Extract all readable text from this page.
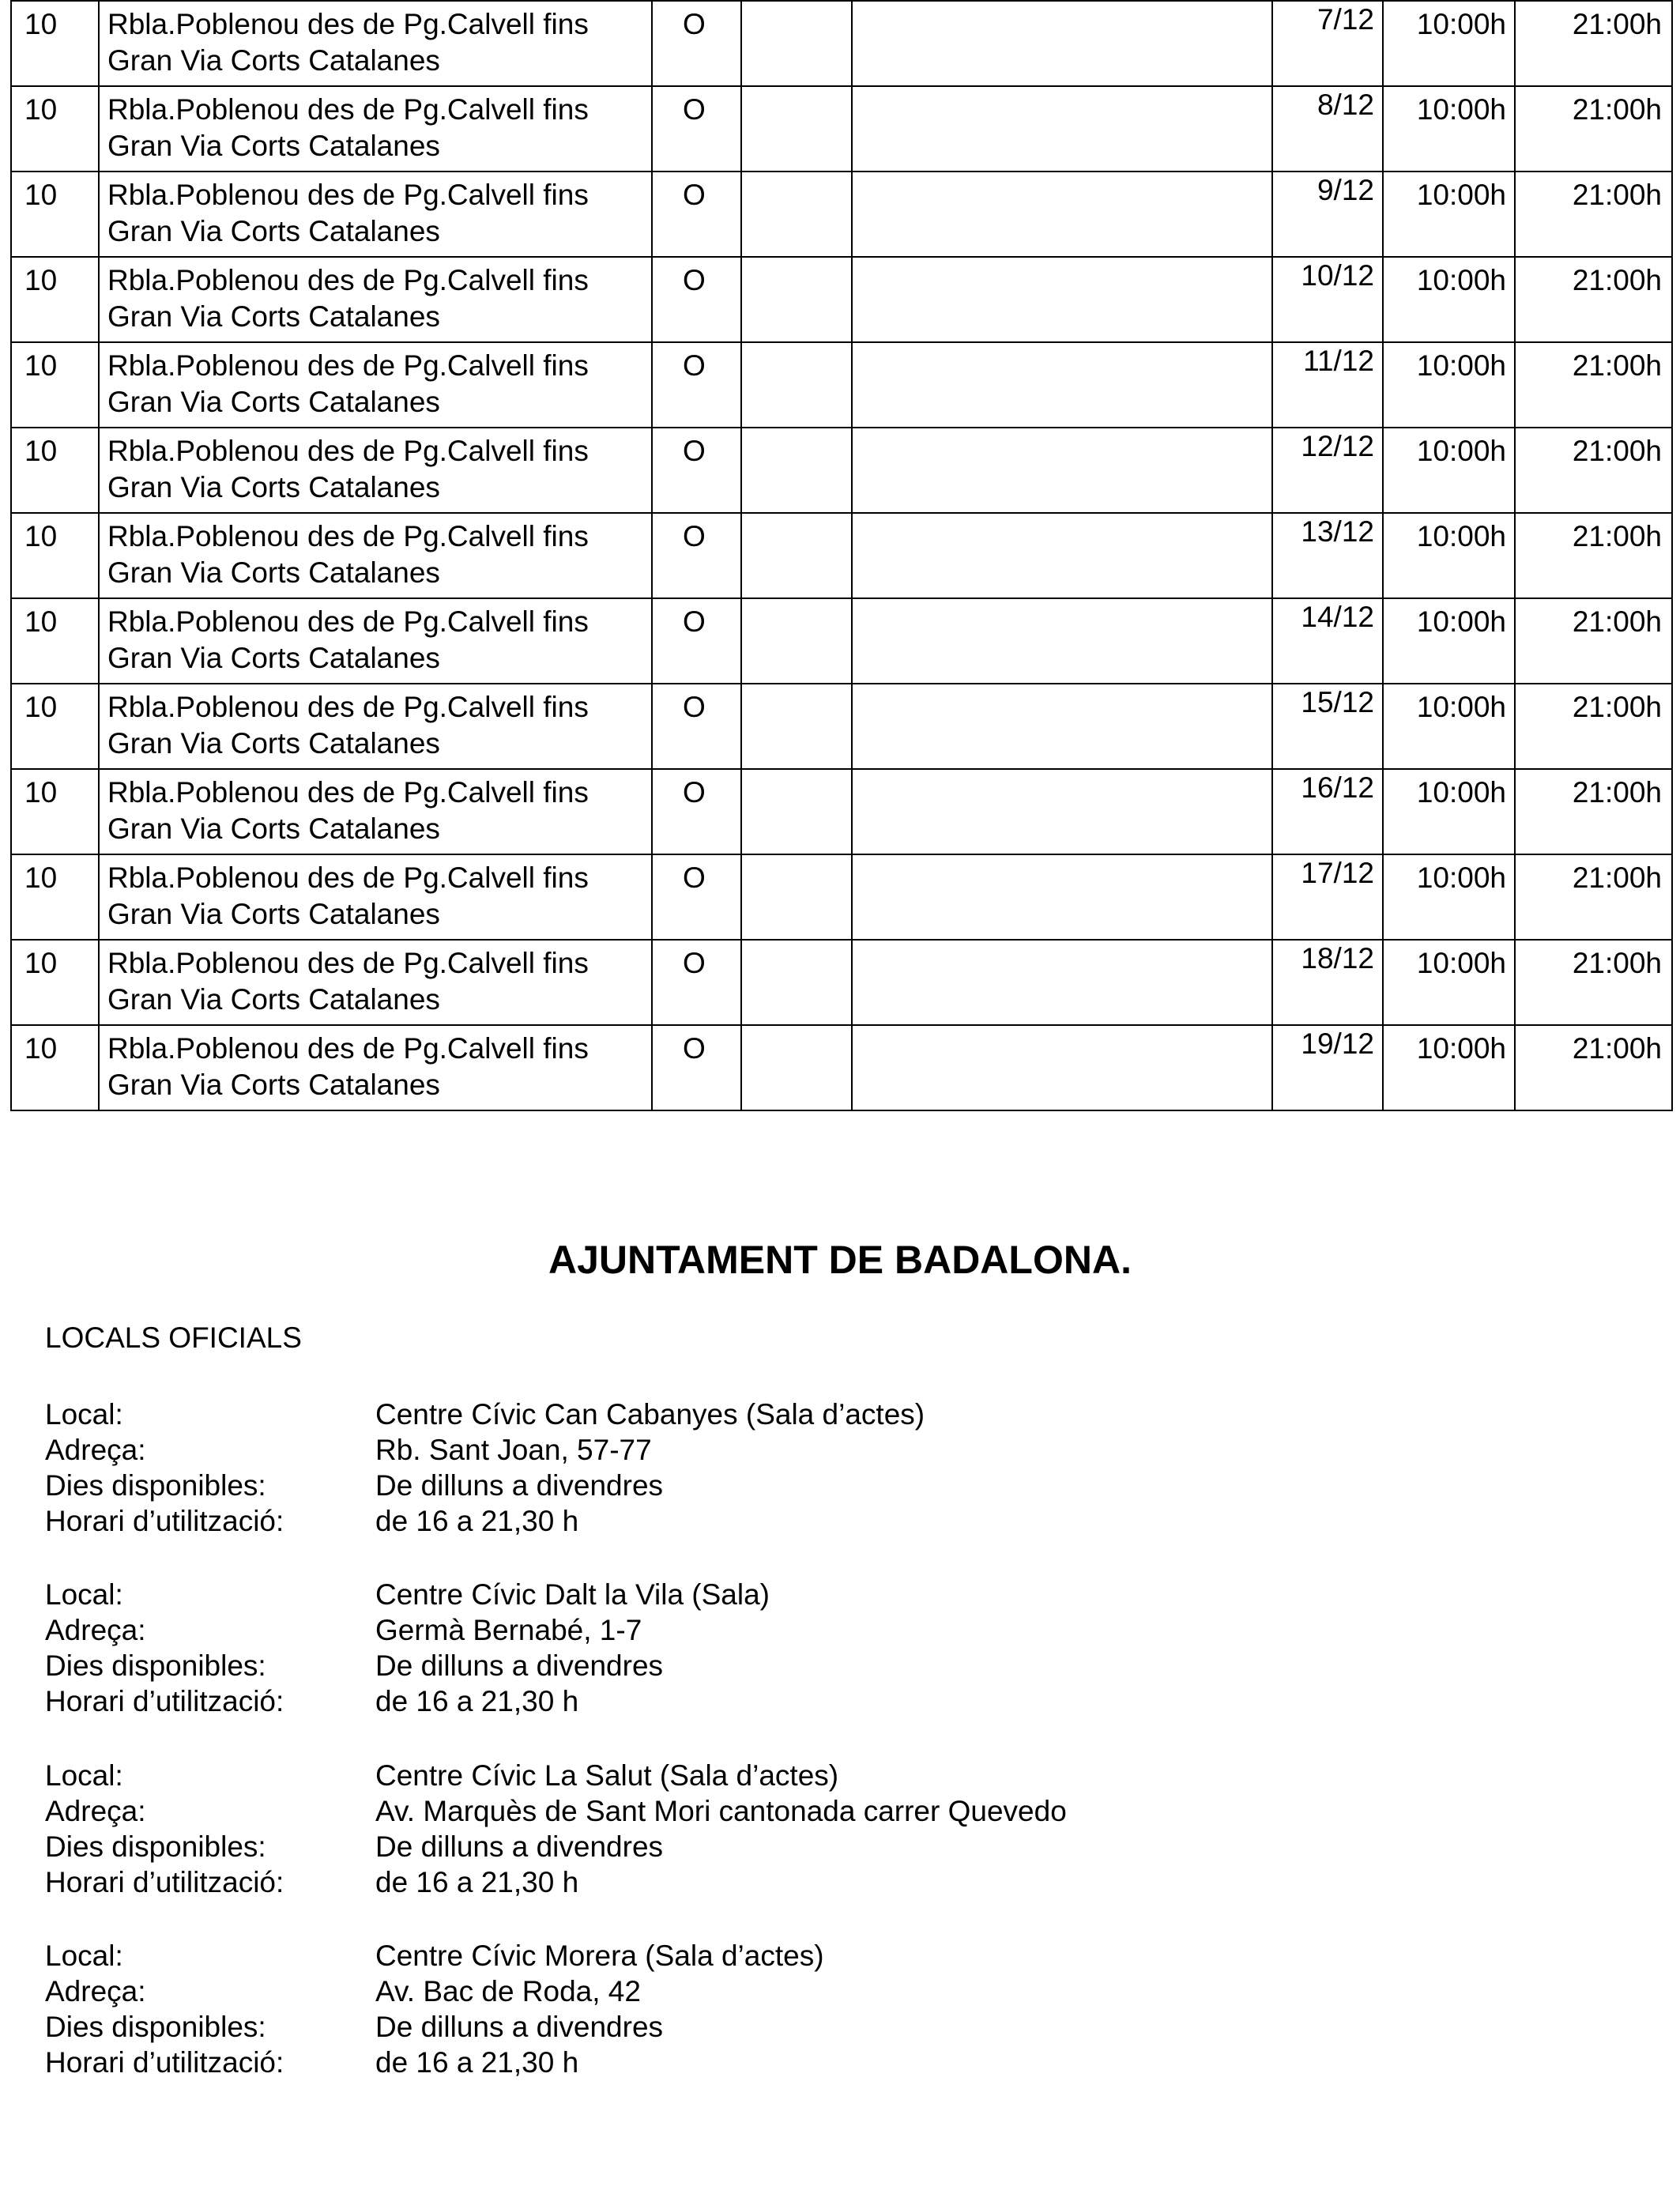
10	Rbla.Poblenou des de Pg.Calvell fins
Gran Via Corts Catalanes	O			7/12	10:00h	21:00h
10	Rbla.Poblenou des de Pg.Calvell fins
Gran Via Corts Catalanes	O			8/12	10:00h	21:00h
10	Rbla.Poblenou des de Pg.Calvell fins
Gran Via Corts Catalanes	O			9/12	10:00h	21:00h
10	Rbla.Poblenou des de Pg.Calvell fins
Gran Via Corts Catalanes	O			10/12	10:00h	21:00h
10	Rbla.Poblenou des de Pg.Calvell fins
Gran Via Corts Catalanes	O			11/12	10:00h	21:00h
10	Rbla.Poblenou des de Pg.Calvell fins
Gran Via Corts Catalanes	O			12/12	10:00h	21:00h
10	Rbla.Poblenou des de Pg.Calvell fins
Gran Via Corts Catalanes	O			13/12	10:00h	21:00h
10	Rbla.Poblenou des de Pg.Calvell fins
Gran Via Corts Catalanes	O			14/12	10:00h	21:00h
10	Rbla.Poblenou des de Pg.Calvell fins
Gran Via Corts Catalanes	O			15/12	10:00h	21:00h
10	Rbla.Poblenou des de Pg.Calvell fins
Gran Via Corts Catalanes	O			16/12	10:00h	21:00h
10	Rbla.Poblenou des de Pg.Calvell fins
Gran Via Corts Catalanes	O			17/12	10:00h	21:00h
10	Rbla.Poblenou des de Pg.Calvell fins
Gran Via Corts Catalanes	O			18/12	10:00h	21:00h
10	Rbla.Poblenou des de Pg.Calvell fins
Gran Via Corts Catalanes	O			19/12	10:00h	21:00h
AJUNTAMENT DE BADALONA.
LOCALS OFICIALS
Local:	Centre Cívic Can Cabanyes (Sala d’actes)
Adreça:	Rb. Sant Joan, 57-77
Dies disponibles:	De dilluns a divendres
Horari d’utilització:	de 16 a 21,30 h
Local:	Centre Cívic Dalt la Vila (Sala)
Adreça:	Germà Bernabé, 1-7
Dies disponibles:	De dilluns a divendres
Horari d’utilització:	de 16 a 21,30 h
Local:	Centre Cívic La Salut (Sala d’actes)
Adreça:	Av. Marquès de Sant Mori cantonada carrer Quevedo
Dies disponibles:	De dilluns a divendres
Horari d’utilització:	de 16 a 21,30 h
Local:	Centre Cívic Morera (Sala d’actes)
Adreça:	Av. Bac de Roda, 42
Dies disponibles:	De dilluns a divendres
Horari d’utilització:	de 16 a 21,30 h
